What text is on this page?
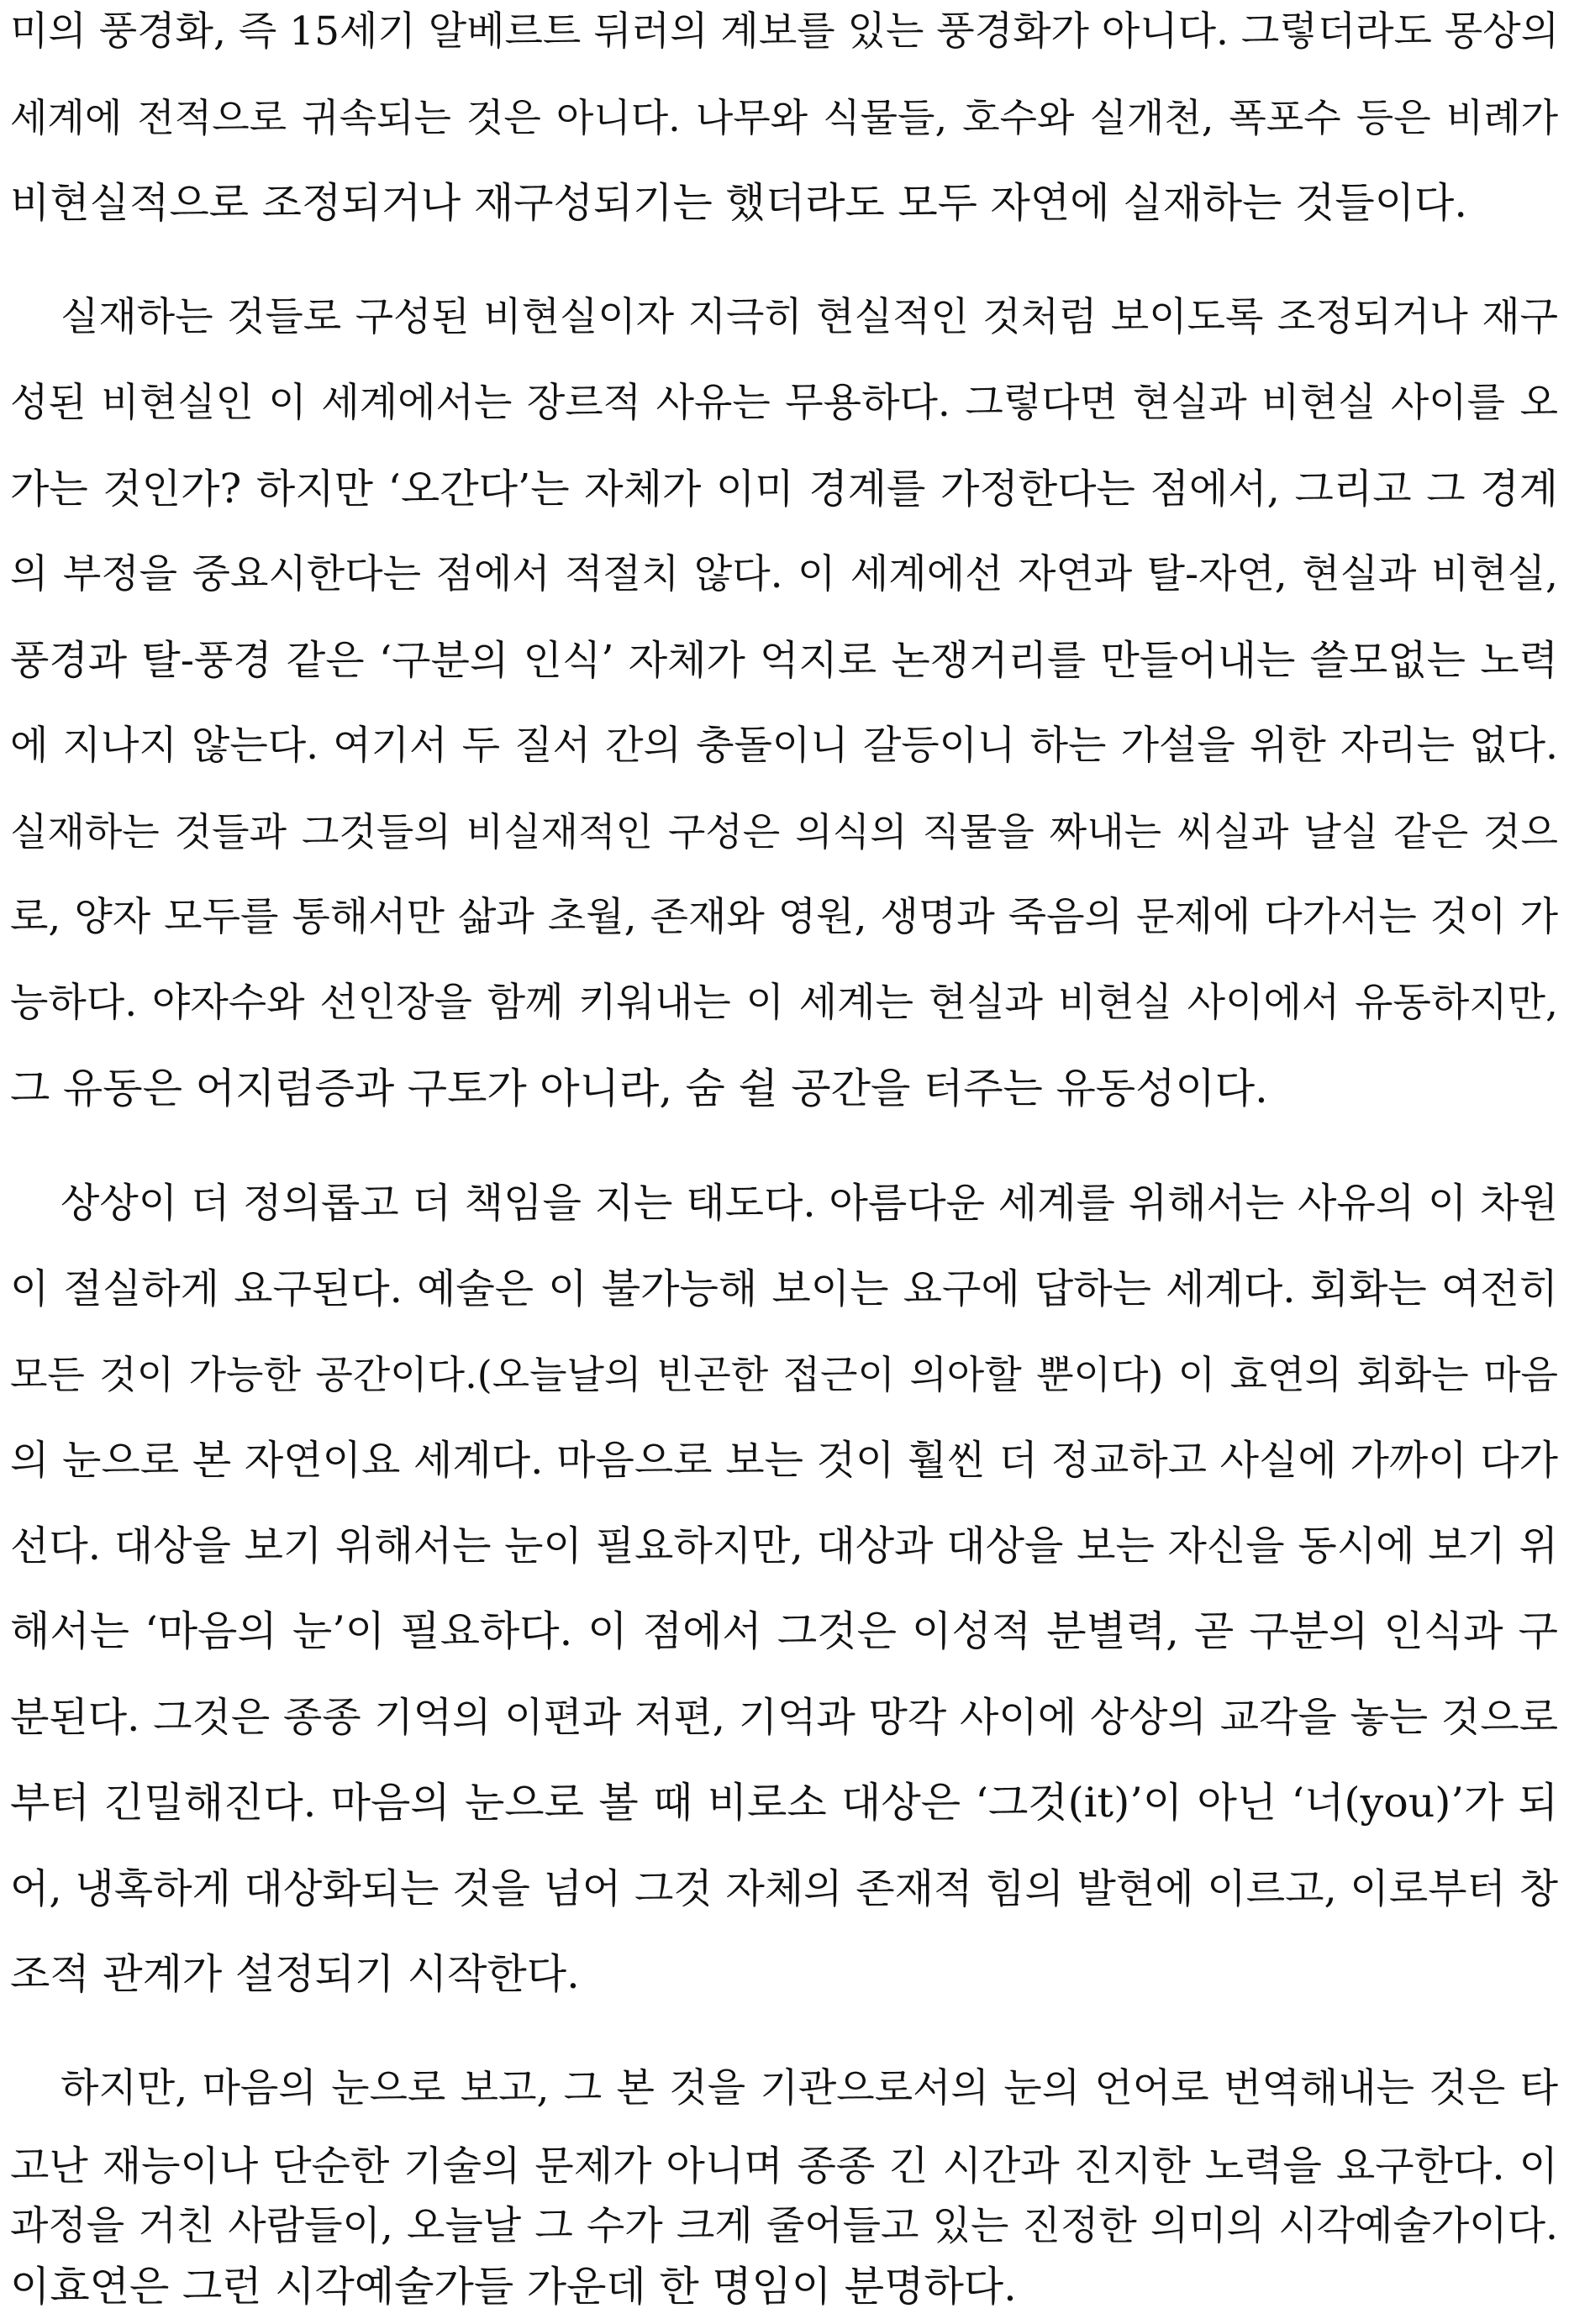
미의 풍경화, 즉 15세기 알베르트 뒤러의 계보를 있는 풍경화가 아니다. 그렇더라도 몽상의
세계에 전적으로 귀속되는 것은 아니다. 나무와 식물들, 호수와 실개천, 폭포수 등은 비례가
비현실적으로 조정되거나 재구성되기는 했더라도 모두 자연에 실재하는 것들이다.
실재하는 것들로 구성된 비현실이자 지극히 현실적인 것처럼 보이도록 조정되거나 재구
성된 비현실인 이 세계에서는 장르적 사유는 무용하다. 그렇다면 현실과 비현실 사이를 오
가는 것인가? 하지만 ‘오간다’는 자체가 이미 경계를 가정한다는 점에서, 그리고 그 경계
의 부정을 중요시한다는 점에서 적절치 않다. 이 세계에선 자연과 탈-자연, 현실과 비현실,
풍경과 탈-풍경 같은 ‘구분의 인식’ 자체가 억지로 논쟁거리를 만들어내는 쓸모없는 노력
에 지나지 않는다. 여기서 두 질서 간의 충돌이니 갈등이니 하는 가설을 위한 자리는 없다.
실재하는 것들과 그것들의 비실재적인 구성은 의식의 직물을 짜내는 씨실과 날실 같은 것으
로, 양자 모두를 통해서만 삶과 초월, 존재와 영원, 생명과 죽음의 문제에 다가서는 것이 가
능하다. 야자수와 선인장을 함께 키워내는 이 세계는 현실과 비현실 사이에서 유동하지만,
그 유동은 어지럼증과 구토가 아니라, 숨 쉴 공간을 터주는 유동성이다.
상상이 더 정의롭고 더 책임을 지는 태도다. 아름다운 세계를 위해서는 사유의 이 차원
이 절실하게 요구된다. 예술은 이 불가능해 보이는 요구에 답하는 세계다. 회화는 여전히
모든 것이 가능한 공간이다.(오늘날의 빈곤한 접근이 의아할 뿐이다) 이 효연의 회화는 마음
의 눈으로 본 자연이요 세계다. 마음으로 보는 것이 훨씬 더 정교하고 사실에 가까이 다가
선다. 대상을 보기 위해서는 눈이 필요하지만, 대상과 대상을 보는 자신을 동시에 보기 위
해서는 ‘마음의 눈’이 필요하다. 이 점에서 그것은 이성적 분별력, 곧 구분의 인식과 구
분된다. 그것은 종종 기억의 이편과 저편, 기억과 망각 사이에 상상의 교각을 놓는 것으로
부터 긴밀해진다. 마음의 눈으로 볼 때 비로소 대상은 ‘그것(it)’이 아닌 ‘너(you)’가 되
어, 냉혹하게 대상화되는 것을 넘어 그것 자체의 존재적 힘의 발현에 이르고, 이로부터 창
조적 관계가 설정되기 시작한다.
하지만, 마음의 눈으로 보고, 그 본 것을 기관으로서의 눈의 언어로 번역해내는 것은 타
고난 재능이나 단순한 기술의 문제가 아니며 종종 긴 시간과 진지한 노력을 요구한다. 이
과정을 거친 사람들이, 오늘날 그 수가 크게 줄어들고 있는 진정한 의미의 시각예술가이다.
이효연은 그런 시각예술가들 가운데 한 명임이 분명하다.
